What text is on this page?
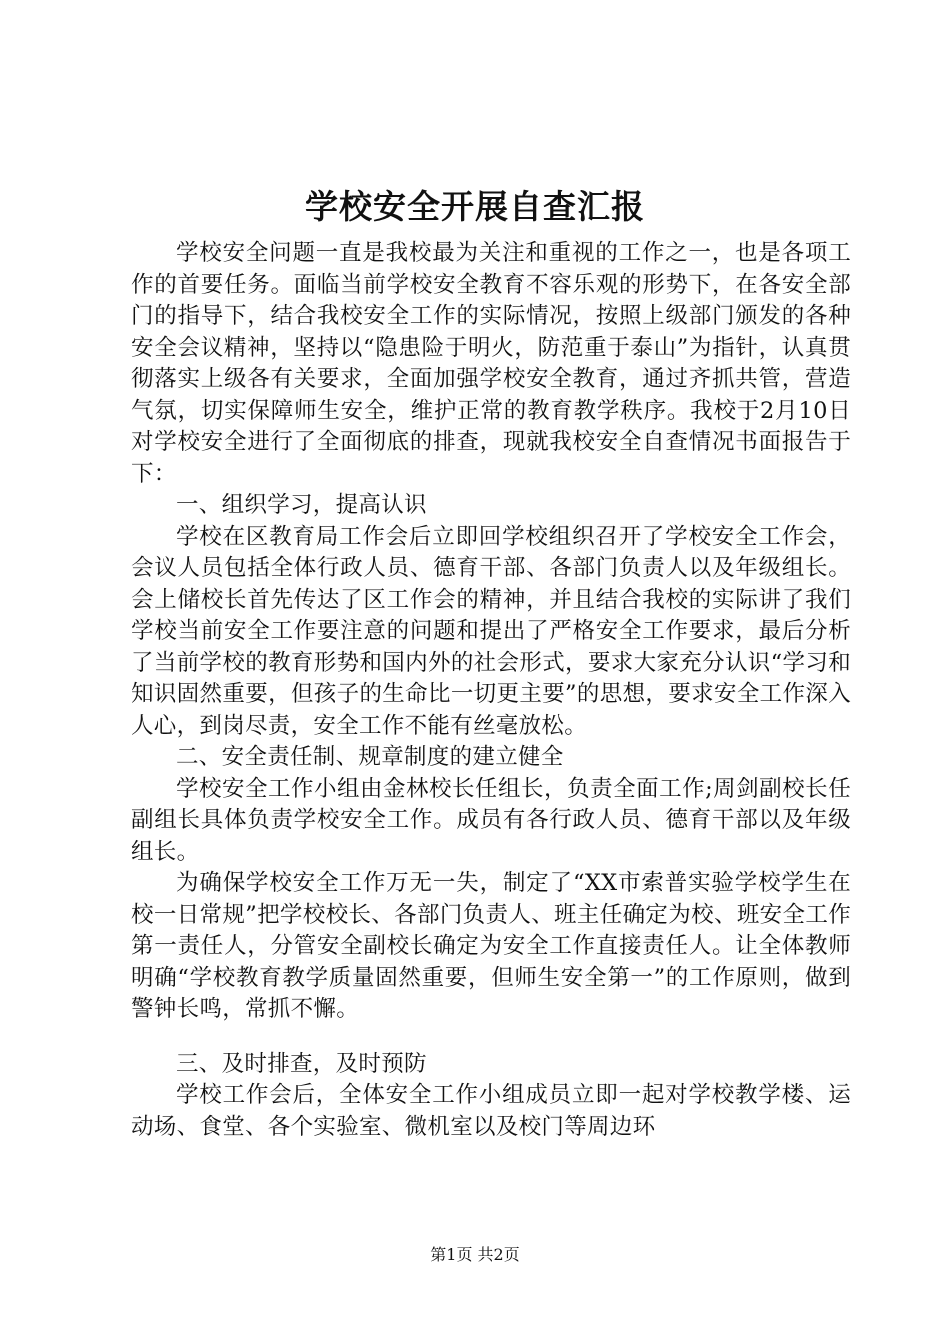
学校安全开展自查汇报

学校安全问题一直是我校最为关注和重视的工作之一，也是各项工作的首要任务。面临当前学校安全教育不容乐观的形势下，在各安全部门的指导下，结合我校安全工作的实际情况，按照上级部门颁发的各种安全会议精神，坚持以“隐患险于明火，防范重于泰山”为指针，认真贯彻落实上级各有关要求，全面加强学校安全教育，通过齐抓共管，营造气氛，切实保障师生安全，维护正常的教育教学秩序。我校于2月10日对学校安全进行了全面彻底的排查，现就我校安全自查情况书面报告于下：

一、组织学习，提高认识

学校在区教育局工作会后立即回学校组织召开了学校安全工作会，会议人员包括全体行政人员、德育干部、各部门负责人以及年级组长。会上储校长首先传达了区工作会的精神，并且结合我校的实际讲了我们学校当前安全工作要注意的问题和提出了严格安全工作要求，最后分析了当前学校的教育形势和国内外的社会形式，要求大家充分认识“学习和知识固然重要，但孩子的生命比一切更主要”的思想，要求安全工作深入人心，到岗尽责，安全工作不能有丝毫放松。

二、安全责任制、规章制度的建立健全

学校安全工作小组由金林校长任组长，负责全面工作;周剑副校长任副组长具体负责学校安全工作。成员有各行政人员、德育干部以及年级组长。

为确保学校安全工作万无一失，制定了“XX市索普实验学校学生在校一日常规”把学校校长、各部门负责人、班主任确定为校、班安全工作第一责任人，分管安全副校长确定为安全工作直接责任人。让全体教师明确“学校教育教学质量固然重要，但师生安全第一”的工作原则，做到警钟长鸣，常抓不懈。

三、及时排查，及时预防

学校工作会后，全体安全工作小组成员立即一起对学校教学楼、运动场、食堂、各个实验室、微机室以及校门等周边环

第1页 共2页
